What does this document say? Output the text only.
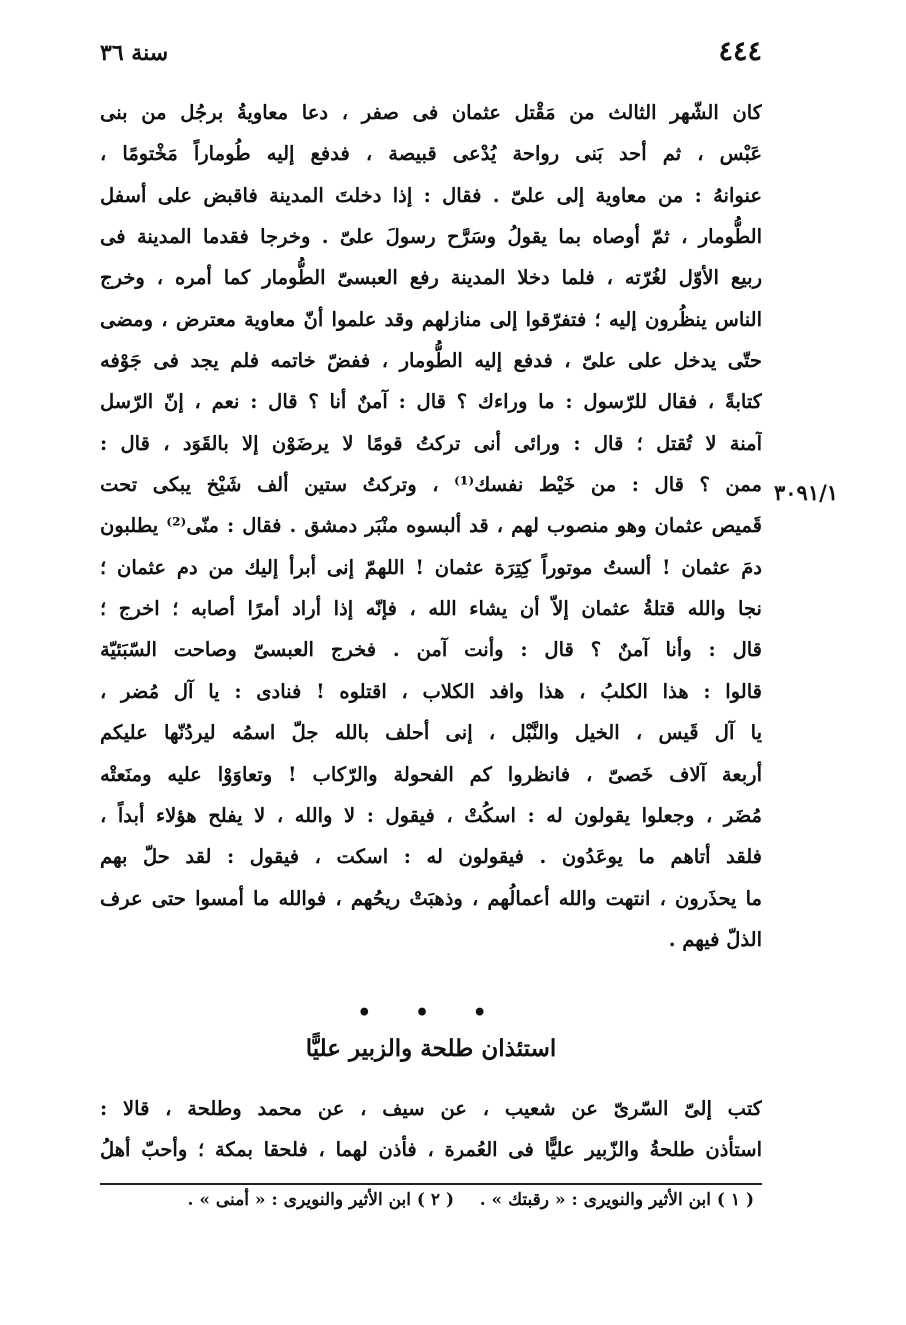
٤٤٤
سنة ٣٦
كان الشّهر الثالث من مَقْتل عثمان فى صفر ، دعا معاويةُ برجُل من بنى
عَبْس ، ثم أحد بَنى رواحة يُدْعى قبيصة ، فدفع إليه طُوماراً مَخْتومًا ،
عنوانهُ : من معاوية إلى علىّ . فقال : إذا دخلتَ المدينة فاقبض على أسفل
الطُّومار ، ثمّ أوصاه بما يقولُ وسَرَّح رسولَ علىّ . وخرجا فقدما المدينة فى
ربيع الأوّل لغُرّته ، فلما دخلا المدينة رفع العبسىّ الطُّومار كما أمره ، وخرج
الناس ينظُرون إليه ؛ فتفرّقوا إلى منازلهم وقد علموا أنّ معاوية معترض ، ومضى
حتّى يدخل على علىّ ، فدفع إليه الطُّومار ، ففضّ خاتمه فلم يجد فى جَوْفه
كتابةً ، فقال للرّسول : ما وراءك ؟ قال : آمنٌ أنا ؟ قال : نعم ، إنّ الرّسل
آمنة لا تُقتل ؛ قال : ورائى أنى تركتُ قومًا لا يرضَوْن إلا بالقَوَد ، قال :
ممن ؟ قال : من خَيْط نفسك⁽¹⁾ ، وتركتُ ستين ألف شَيْخ يبكى تحت
قَميص عثمان وهو منصوب لهم ، قد ألبسوه منْبَر دمشق . فقال : منّى⁽²⁾ يطلبون
دمَ عثمان ! ألستُ موتوراً كِتِرَة عثمان ! اللهمّ إنى أبرأ إليك من دم عثمان ؛
نجا والله قتلةُ عثمان إلاّ أن يشاء الله ، فإنّه إذا أراد أمرًا أصابه ؛ اخرج ؛
قال : وأنا آمنٌ ؟ قال : وأنت آمن . فخرج العبسىّ وصاحت السّبَئيّة
قالوا : هذا الكلبُ ، هذا وافد الكلاب ، اقتلوه ! فنادى : يا آل مُضر ،
يا آل قَيس ، الخيل والنَّبْل ، إنى أحلف بالله جلّ اسمُه ليردُنّها عليكم
أربعة آلاف خَصىّ ، فانظروا كم الفحولة والرّكاب ! وتعاوَوْا عليه ومنَعتْه
مُضَر ، وجعلوا يقولون له : اسكُتْ ، فيقول : لا والله ، لا يفلح هؤلاء أبداً ،
فلقد أتاهم ما يوعَدُون . فيقولون له : اسكت ، فيقول : لقد حلّ بهم
ما يحذَرون ، انتهت والله أعمالُهم ، وذهبَتْ ريحُهم ، فوالله ما أمسوا حتى عرف
الذلّ فيهم .
٣٠٩١/١
• • •
استئذان طلحة والزبير عليًّا
كتب إلىّ السّرىّ عن شعيب ، عن سيف ، عن محمد وطلحة ، قالا :
استأذن طلحةُ والزّبير عليًّا فى العُمرة ، فأذن لهما ، فلحقا بمكة ؛ وأحبّ أهلُ
( ١ ) ابن الأثير والنويرى : « رقبتك » .
( ٢ ) ابن الأثير والنويرى : « أمنى » .
